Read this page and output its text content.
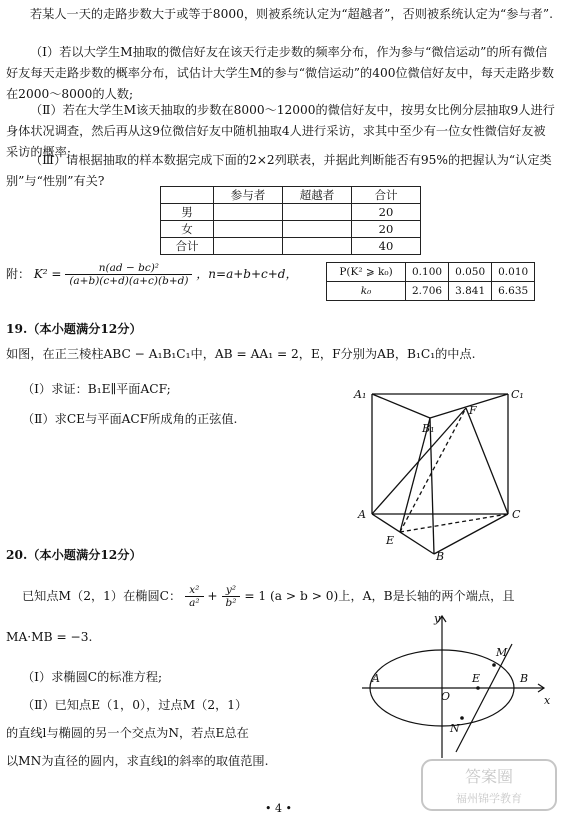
若某人一天的走路步数大于或等于8000，则被系统认定为“超越者”，否则被系统认定为“参与者”.
（Ⅰ）若以大学生M抽取的微信好友在该天行走步数的频率分布，作为参与“微信运动”的所有微信好友每天走路步数的概率分布，试估计大学生M的参与“微信运动”的400位微信好友中，每天走路步数在2000～8000的人数;
（Ⅱ）若在大学生M该天抽取的步数在8000～12000的微信好友中，按男女比例分层抽取9人进行身体状况调查，然后再从这9位微信好友中随机抽取4人进行采访，求其中至少有一位女性微信好友被采访的概率;
（Ⅲ）请根据抽取的样本数据完成下面的2×2列联表，并据此判断能否有95%的把握认为“认定类别”与“性别”有关?
	参与者	超越者	合计
男			20
女			20
合计			40
附： $K^2 = \frac{\text{n(ad − bc)²}}{(a+b)(c+d)(a+c)(b+d)}$ ，n=a+b+c+d，	P(K² ⩾ k₀)	0.100	0.050	0.010
k₀	2.706	3.841	6.635
19.（本小题满分12分）
如图，在正三棱柱ABC − A₁B₁C₁中，AB = AA₁ = 2，E，F分别为AB，B₁C₁的中点.
（Ⅰ）求证：B₁E∥平面ACF;
（Ⅱ）求CE与平面ACF所成角的正弦值.
A₁	C₁
B₁
F
A	C
E
B
20.（本小题满分12分）
已知点M（2，1）在椭圆C： $\frac{\text{x²}}{\text{a²}} + \frac{\text{y²}}{\text{b²}} = 1$ (a > b > 0)上，A，B是长轴的两个端点，且
MA·MB = −3.
（Ⅰ）求椭圆C的标准方程;
（Ⅱ）已知点E（1，0），过点M（2，1）
的直线l与椭圆的另一个交点为N，若点E总在
以MN为直径的圆内，求直线l的斜率的取值范围.
y
x
M
A	E	B
O
N
• 4 •
答案圈
福州锦学教育
